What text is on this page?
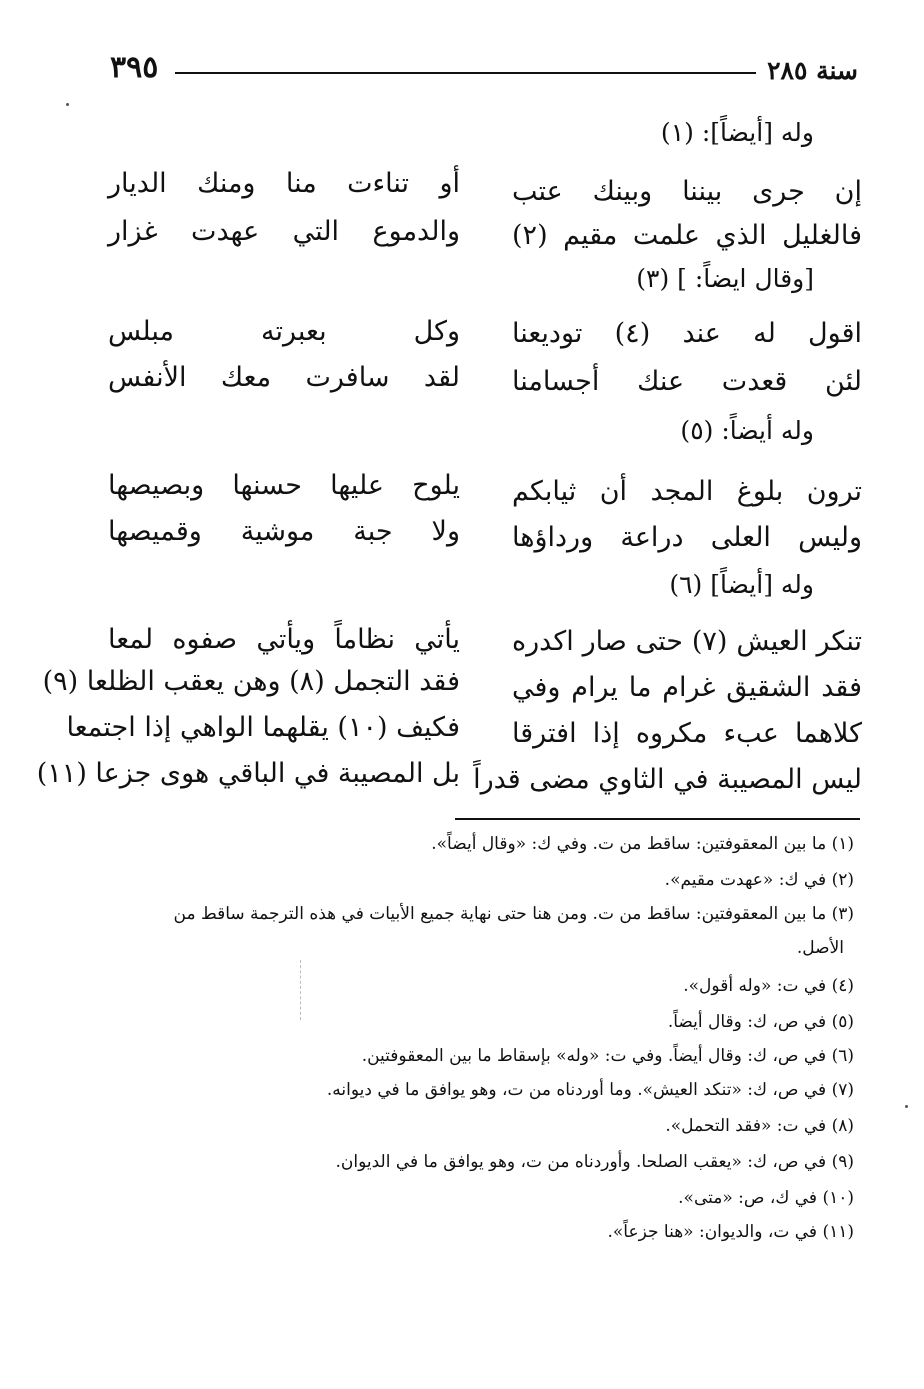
سنة ٢٨٥
٣٩٥
وله [أيضاً]: (١)
إن جرى بيننا وبينك عتب
أو تناءت منا ومنك الديار
فالغليل الذي علمت مقيم (٢)
والدموع التي عهدت غزار
[وقال ايضاً: ] (٣)
اقول له عند (٤) توديعنا
وكل بعبرته مبلس
لئن قعدت عنك أجسامنا
لقد سافرت معك الأنفس
وله أيضاً: (٥)
ترون بلوغ المجد أن ثيابكم
يلوح عليها حسنها وبصيصها
وليس العلى دراعة ورداؤها
ولا جبة موشية وقميصها
وله [أيضاً] (٦)
تنكر العيش (٧) حتى صار اكدره
يأتي نظاماً ويأتي صفوه لمعا
فقد الشقيق غرام ما يرام وفي
فقد التجمل (٨) وهن يعقب الظلعا (٩)
كلاهما عبء مكروه إذا افترقا
فكيف (١٠) يقلهما الواهي إذا اجتمعا
ليس المصيبة في الثاوي مضى قدراً
بل المصيبة في الباقي هوى جزعا (١١)
(١) ما بين المعقوفتين: ساقط من ت. وفي ك: «وقال أيضاً».
(٢) في ك: «عهدت مقيم».
(٣) ما بين المعقوفتين: ساقط من ت. ومن هنا حتى نهاية جميع الأبيات في هذه الترجمة ساقط من
الأصل.
(٤) في ت: «وله أقول».
(٥) في ص، ك: وقال أيضاً.
(٦) في ص، ك: وقال أيضاً. وفي ت: «وله» بإسقاط ما بين المعقوفتين.
(٧) في ص، ك: «تنكد العيش». وما أوردناه من ت، وهو يوافق ما في ديوانه.
(٨) في ت: «فقد التحمل».
(٩) في ص، ك: «يعقب الصلحا. وأوردناه من ت، وهو يوافق ما في الديوان.
(١٠) في ك، ص: «متى».
(١١) في ت، والديوان: «هنا جزعاً».
